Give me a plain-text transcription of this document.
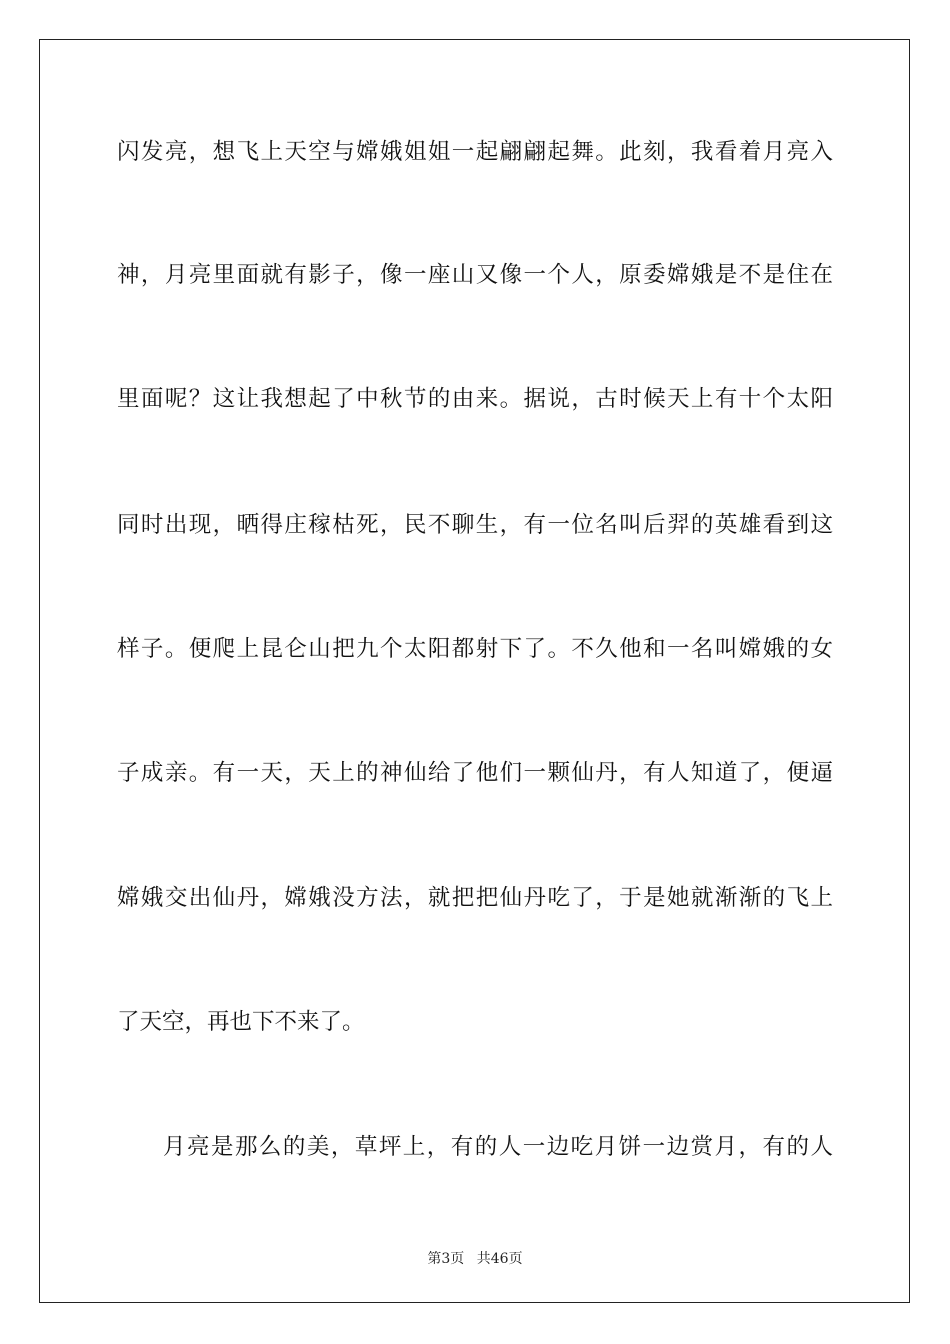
闪发亮，想飞上天空与嫦娥姐姐一起翩翩起舞。此刻，我看着月亮入
神，月亮里面就有影子，像一座山又像一个人，原委嫦娥是不是住在
里面呢？这让我想起了中秋节的由来。据说，古时候天上有十个太阳
同时出现，晒得庄稼枯死，民不聊生，有一位名叫后羿的英雄看到这
样子。便爬上昆仑山把九个太阳都射下了。不久他和一名叫嫦娥的女
子成亲。有一天，天上的神仙给了他们一颗仙丹，有人知道了，便逼
嫦娥交出仙丹，嫦娥没方法，就把把仙丹吃了，于是她就渐渐的飞上
了天空，再也下不来了。
月亮是那么的美，草坪上，有的人一边吃月饼一边赏月，有的人
第3页 共46页
